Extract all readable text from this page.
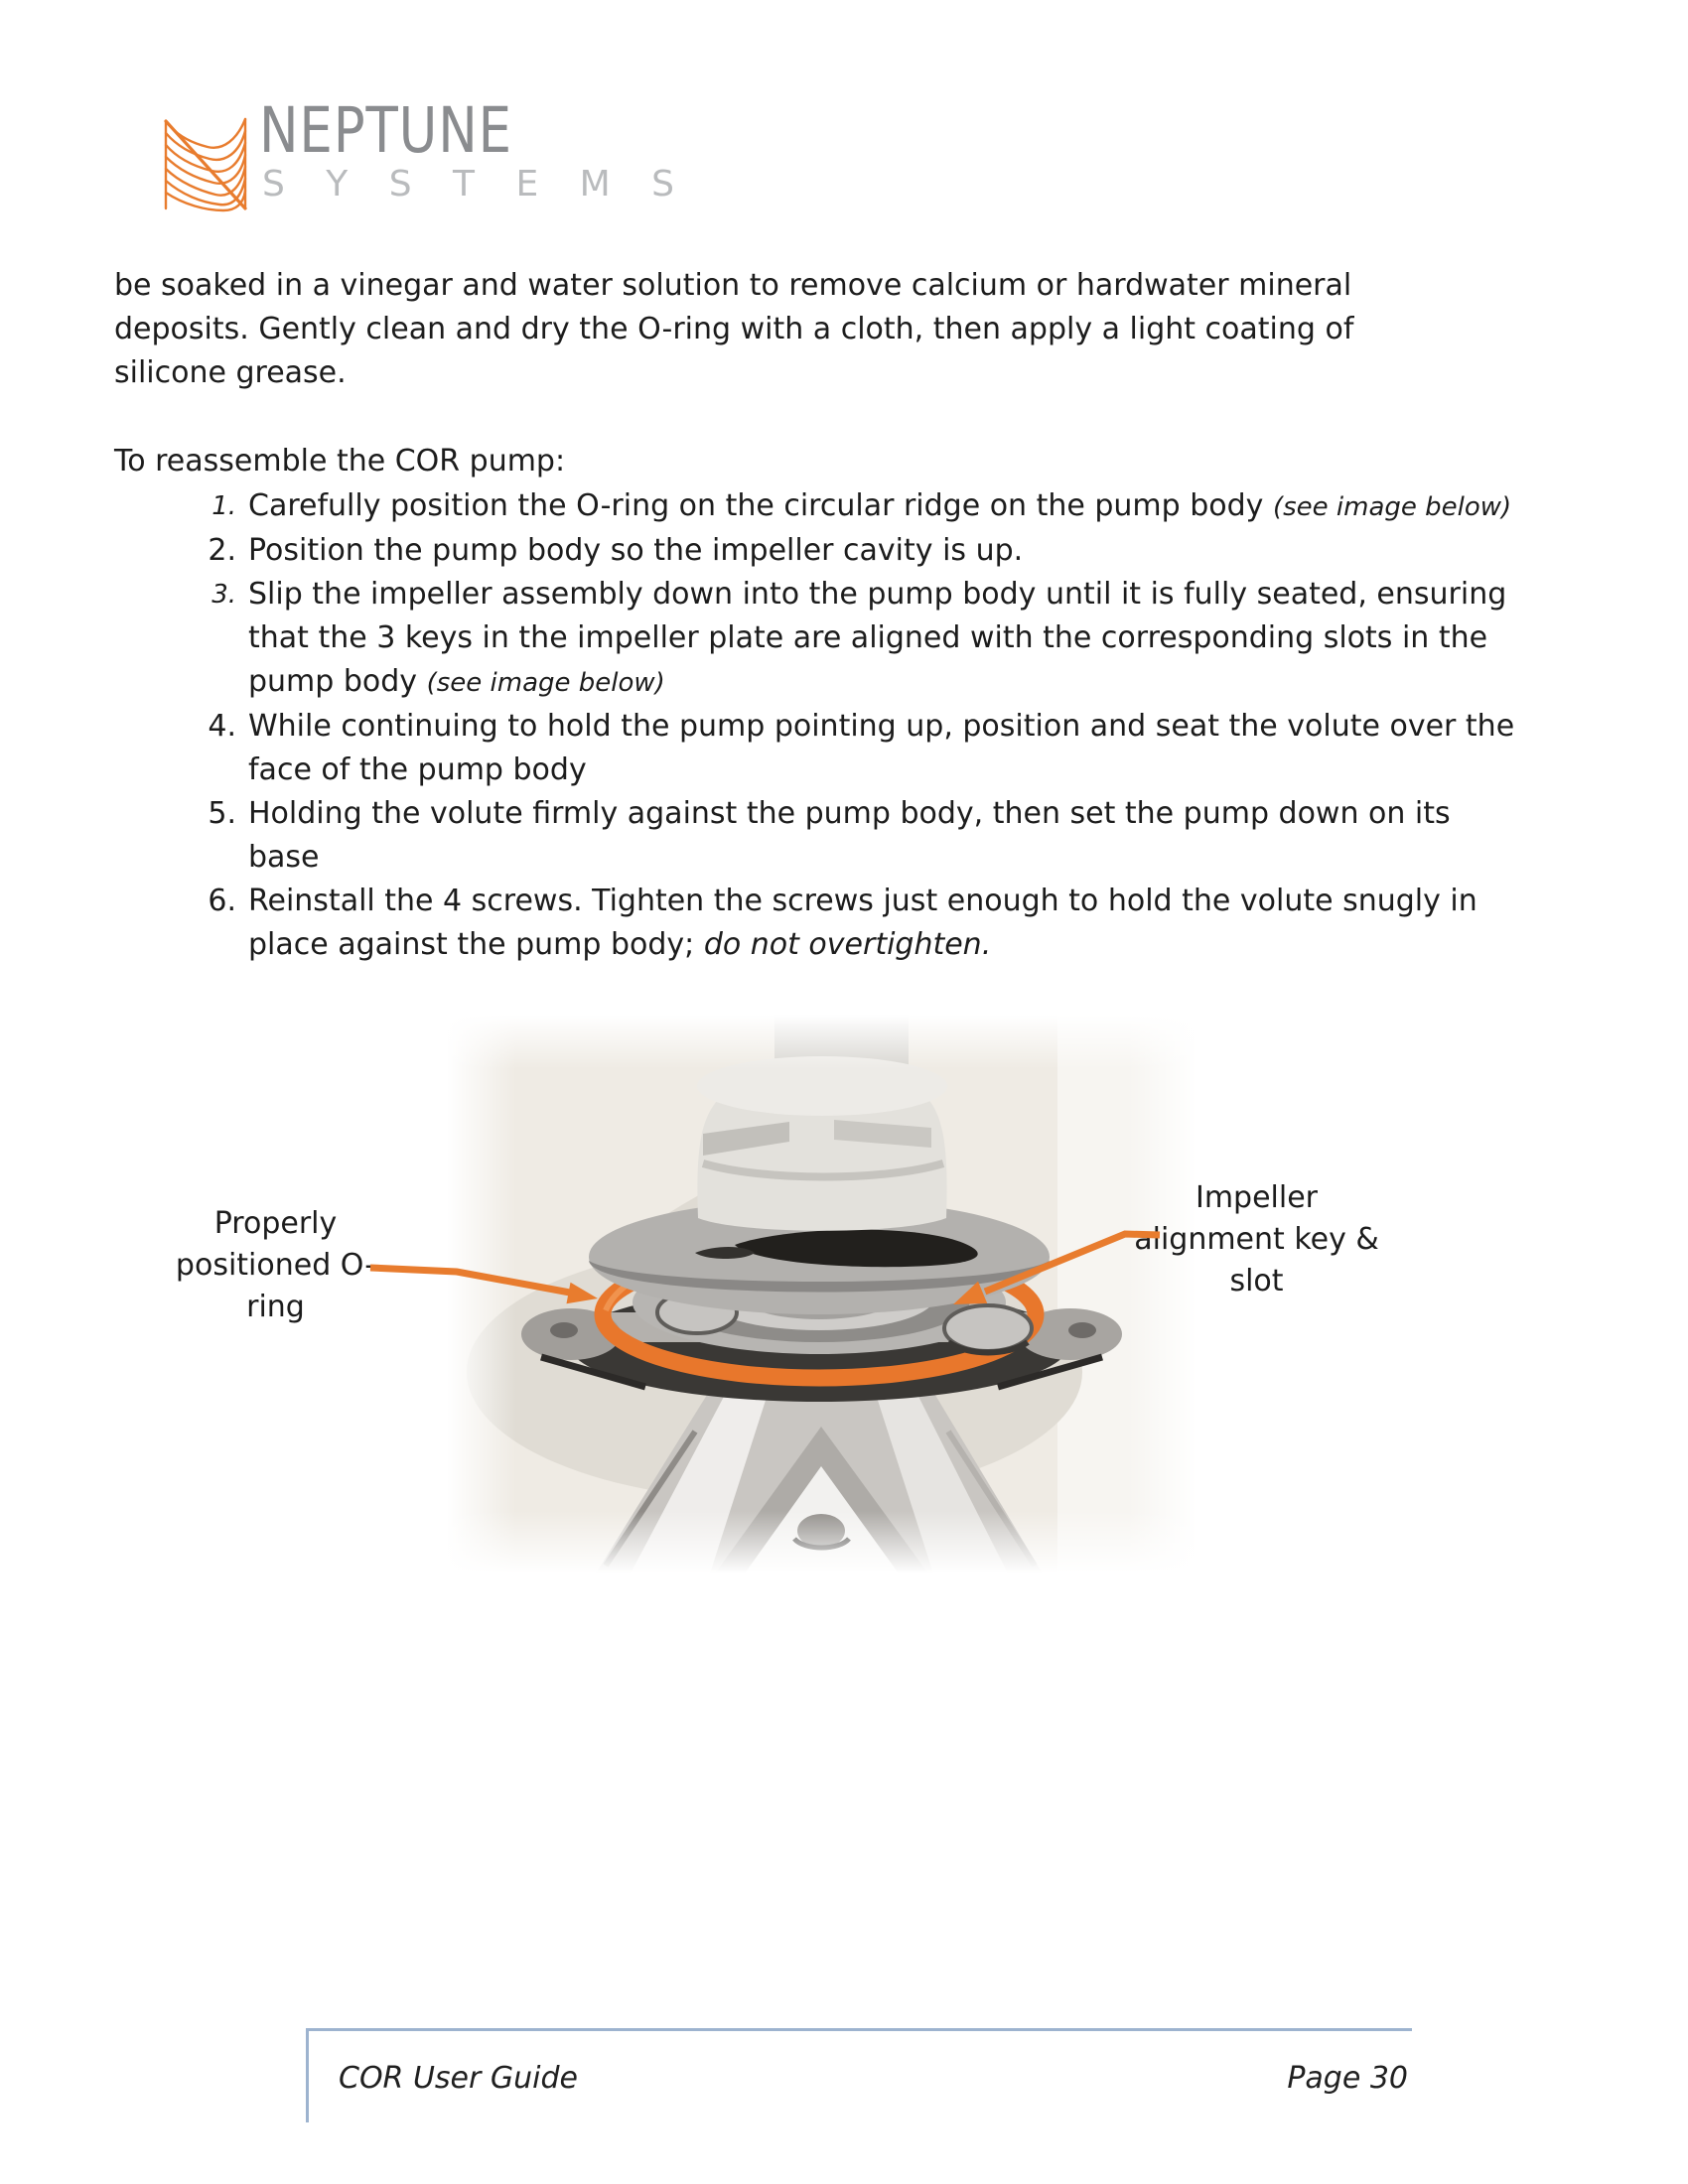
NEPTUNE
S Y S T E M S
be soaked in a vinegar and water solution to remove calcium or hardwater mineral deposits. Gently clean and dry the O-ring with a cloth, then apply a light coating of silicone grease.
To reassemble the COR pump:
1. Carefully position the O-ring on the circular ridge on the pump body (see image below)
2. Position the pump body so the impeller cavity is up.
3. Slip the impeller assembly down into the pump body until it is fully seated, ensuring that the 3 keys in the impeller plate are aligned with the corresponding slots in the pump body (see image below)
4. While continuing to hold the pump pointing up, position and seat the volute over the face of the pump body
5. Holding the volute firmly against the pump body, then set the pump down on its base
6. Reinstall the 4 screws. Tighten the screws just enough to hold the volute snugly in place against the pump body; do not overtighten.
Properly positioned O-ring
Impeller alignment key & slot
COR User Guide	Page 30
